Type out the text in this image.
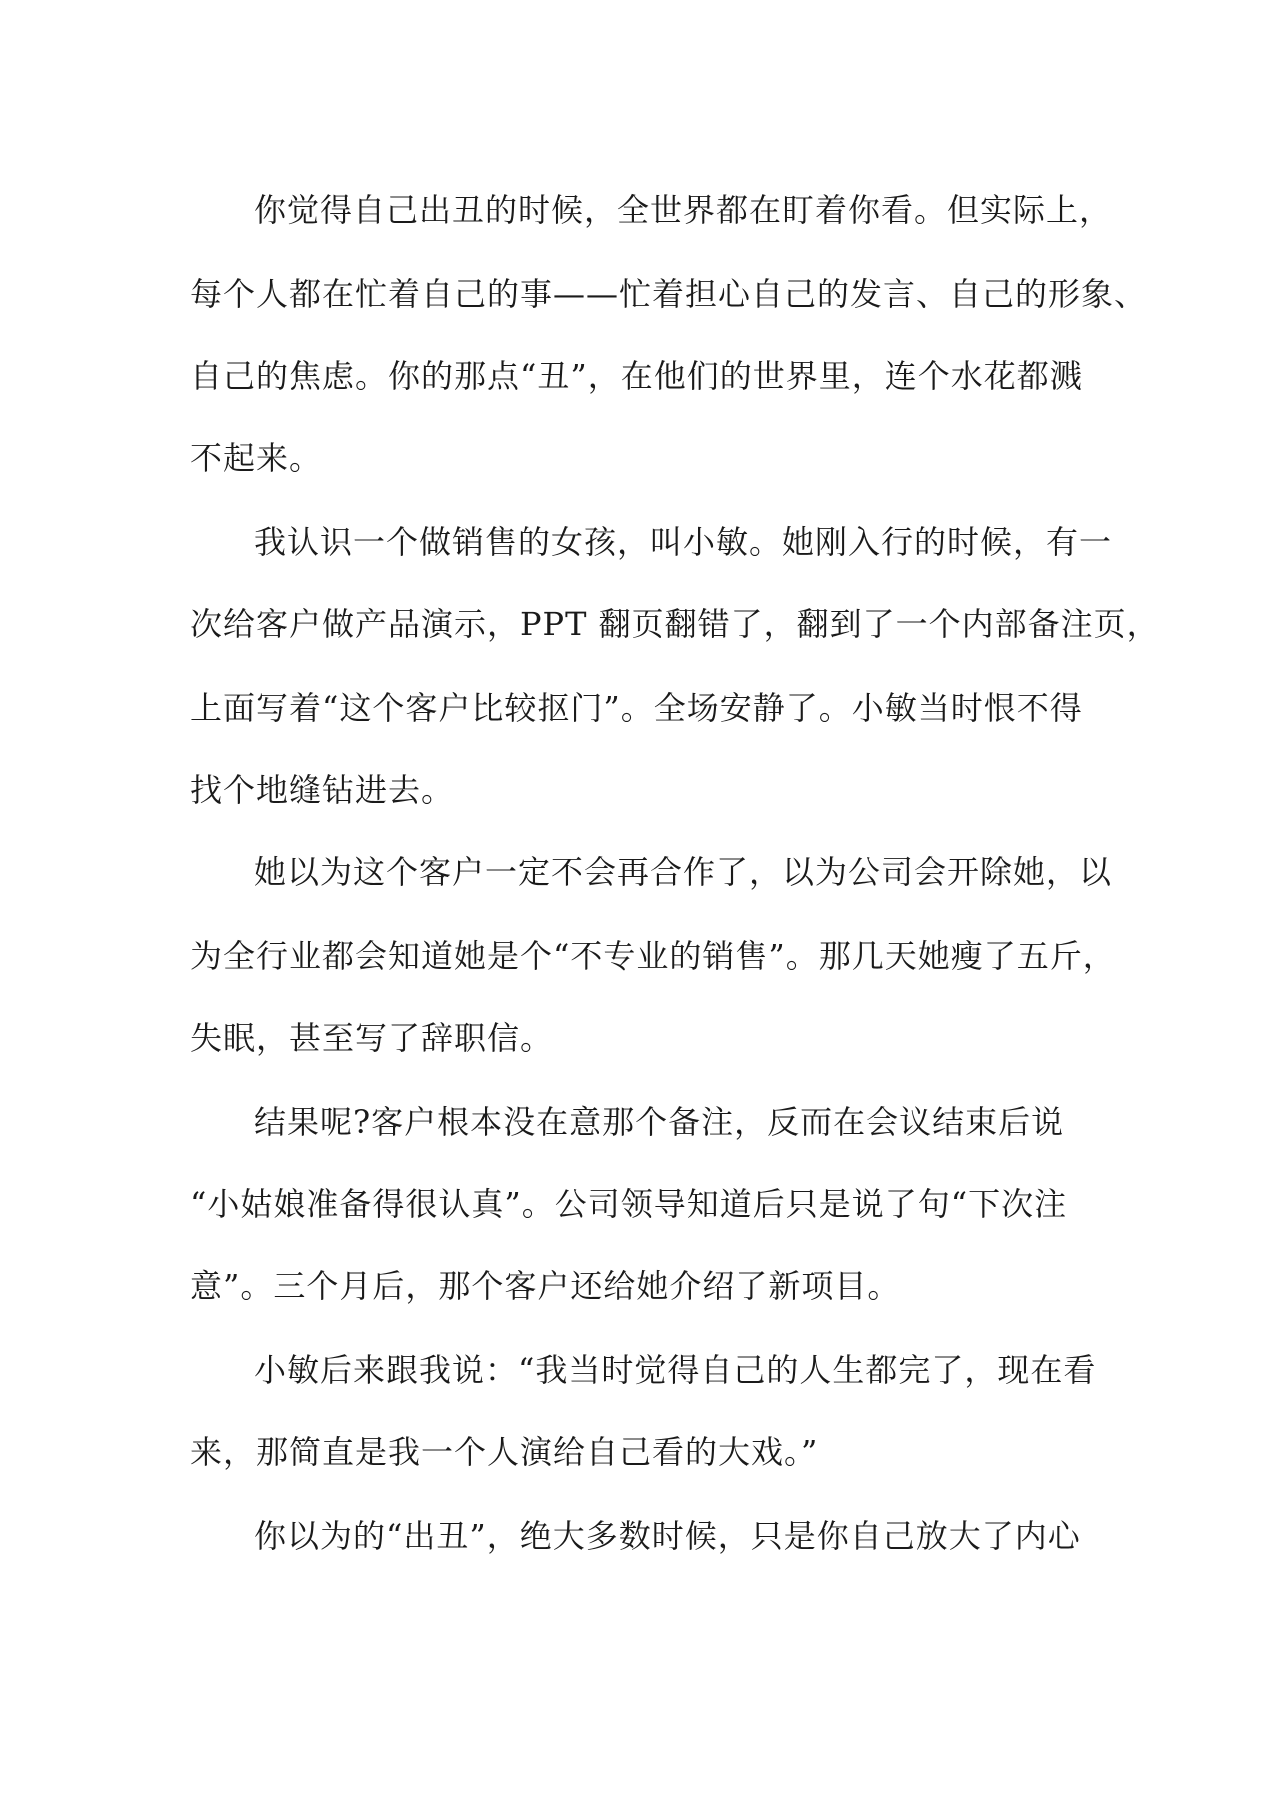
你觉得自己出丑的时候，全世界都在盯着你看。但实际上，
每个人都在忙着自己的事——忙着担心自己的发言、自己的形象、
自己的焦虑。你的那点“丑”，在他们的世界里，连个水花都溅
不起来。
我认识一个做销售的女孩，叫小敏。她刚入行的时候，有一
次给客户做产品演示，PPT 翻页翻错了，翻到了一个内部备注页，
上面写着“这个客户比较抠门”。全场安静了。小敏当时恨不得
找个地缝钻进去。
她以为这个客户一定不会再合作了，以为公司会开除她，以
为全行业都会知道她是个“不专业的销售”。那几天她瘦了五斤，
失眠，甚至写了辞职信。
结果呢?客户根本没在意那个备注，反而在会议结束后说
“小姑娘准备得很认真”。公司领导知道后只是说了句“下次注
意”。三个月后，那个客户还给她介绍了新项目。
小敏后来跟我说：“我当时觉得自己的人生都完了，现在看
来，那简直是我一个人演给自己看的大戏。”
你以为的“出丑”，绝大多数时候，只是你自己放大了内心
